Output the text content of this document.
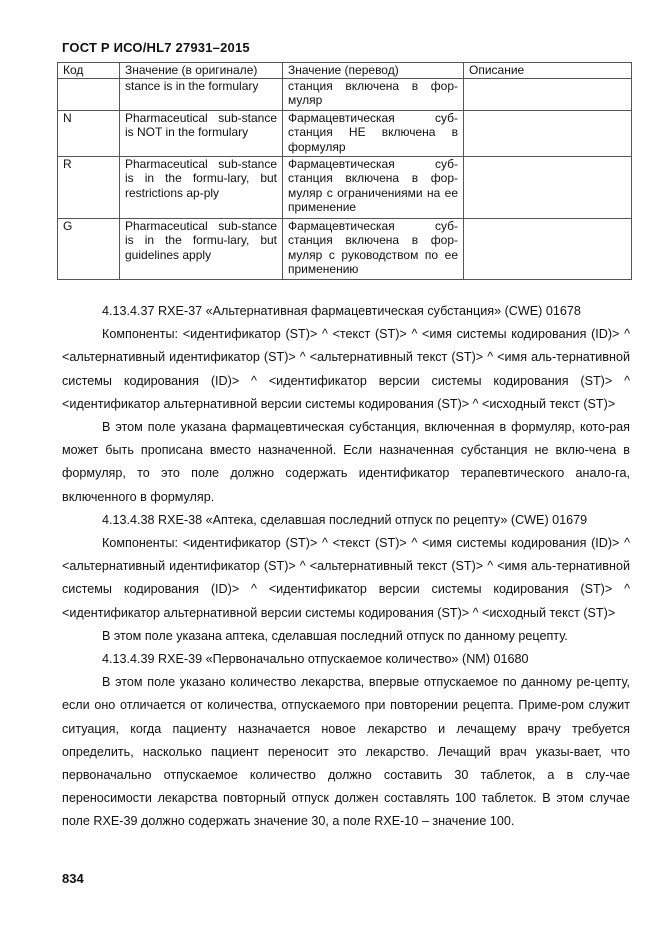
ГОСТ Р ИСО/HL7 27931–2015
Код	Значение (в оригинале)	Значение (перевод)	Описание
	stance is in the formulary	станция включена в фор-муляр	
N	Pharmaceutical sub-stance is NOT in the formulary	Фармацевтическая суб-станция НЕ включена в формуляр	
R	Pharmaceutical sub-stance is in the formu-lary, but restrictions ap-ply	Фармацевтическая суб-станция включена в фор-муляр с ограничениями на ее применение	
G	Pharmaceutical sub-stance is in the formu-lary, but guidelines apply	Фармацевтическая суб-станция включена в фор-муляр с руководством по ее применению	

4.13.4.37 RXE-37 «Альтернативная фармацевтическая субстанция» (CWE) 01678

Компоненты: <идентификатор (ST)> ^ <текст (ST)> ^ <имя системы кодирования (ID)> ^ <альтернативный идентификатор (ST)> ^ <альтернативный текст (ST)> ^ <имя аль-тернативной системы кодирования (ID)> ^ <идентификатор версии системы кодирования (ST)> ^ <идентификатор альтернативной версии системы кодирования (ST)> ^ <исходный текст (ST)>

В этом поле указана фармацевтическая субстанция, включенная в формуляр, кото-рая может быть прописана вместо назначенной. Если назначенная субстанция не вклю-чена в формуляр, то это поле должно содержать идентификатор терапевтического анало-га, включенного в формуляр.

4.13.4.38 RXE-38 «Аптека, сделавшая последний отпуск по рецепту» (CWE) 01679

Компоненты: <идентификатор (ST)> ^ <текст (ST)> ^ <имя системы кодирования (ID)> ^ <альтернативный идентификатор (ST)> ^ <альтернативный текст (ST)> ^ <имя аль-тернативной системы кодирования (ID)> ^ <идентификатор версии системы кодирования (ST)> ^ <идентификатор альтернативной версии системы кодирования (ST)> ^ <исходный текст (ST)>

В этом поле указана аптека, сделавшая последний отпуск по данному рецепту.

4.13.4.39 RXE-39 «Первоначально отпускаемое количество» (NM) 01680

В этом поле указано количество лекарства, впервые отпускаемое по данному ре-цепту, если оно отличается от количества, отпускаемого при повторении рецепта. Приме-ром служит ситуация, когда пациенту назначается новое лекарство и лечащему врачу требуется определить, насколько пациент переносит это лекарство. Лечащий врач указы-вает, что первоначально отпускаемое количество должно составить 30 таблеток, а в слу-чае переносимости лекарства повторный отпуск должен составлять 100 таблеток. В этом случае поле RXE-39 должно содержать значение 30, а поле RXE-10 – значение 100.

834
